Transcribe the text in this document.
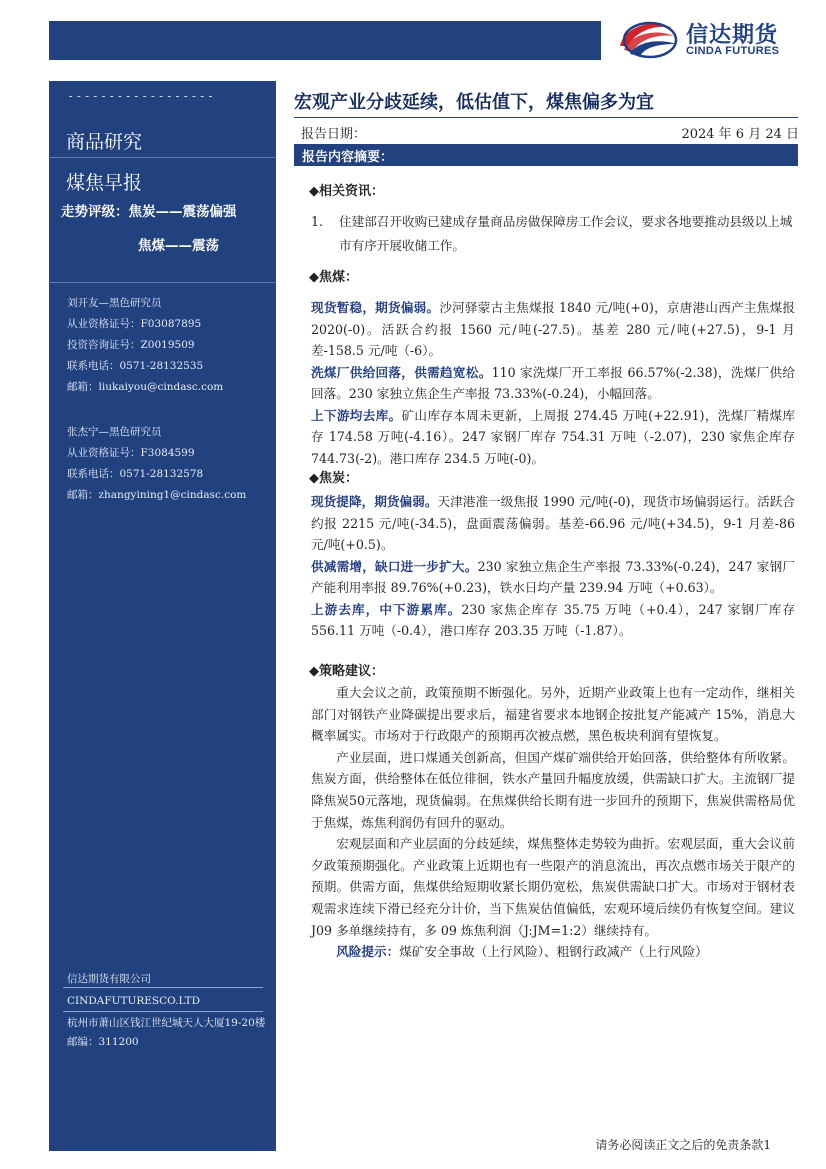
信达期货
CINDA FUTURES
------------------
商品研究
煤焦早报
走势评级：焦炭——震荡偏强
焦煤——震荡
刘开友—黑色研究员
从业资格证号：F03087895
投资咨询证号：Z0019509
联系电话：0571-28132535
邮箱：liukaiyou@cindasc.com
张杰宁—黑色研究员
从业资格证号：F3084599
联系电话：0571-28132578
邮箱：zhangyining1@cindasc.com
信达期货有限公司
CINDAFUTURESCO.LTD
杭州市萧山区钱江世纪城天人大厦19-20楼
邮编：311200
宏观产业分歧延续，低估值下，煤焦偏多为宜
报告日期：	2024 年 6 月 24 日
报告内容摘要：
◆相关资讯：
1. 住建部召开收购已建成存量商品房做保障房工作会议，要求各地要推动县级以上城市有序开展收储工作。
◆焦煤：
现货暂稳，期货偏弱。沙河驿蒙古主焦煤报 1840 元/吨(+0)，京唐港山西产主焦煤报 2020(-0)。活跃合约报 1560 元/吨(-27.5)。基差 280 元/吨(+27.5)，9-1 月差-158.5 元/吨（-6）。
洗煤厂供给回落，供需趋宽松。110 家洗煤厂开工率报 66.57%(-2.38)，洗煤厂供给回落。230 家独立焦企生产率报 73.33%(-0.24)，小幅回落。
上下游均去库。矿山库存本周未更新，上周报 274.45 万吨(+22.91)，洗煤厂精煤库存 174.58 万吨(-4.16）。247 家钢厂库存 754.31 万吨（-2.07)，230 家焦企库存 744.73(-2)。港口库存 234.5 万吨(-0)。
◆焦炭：
现货提降，期货偏弱。天津港准一级焦报 1990 元/吨(-0)，现货市场偏弱运行。活跃合约报 2215 元/吨(-34.5)，盘面震荡偏弱。基差-66.96 元/吨(+34.5)，9-1 月差-86 元/吨(+0.5)。
供减需增，缺口进一步扩大。230 家独立焦企生产率报 73.33%(-0.24)，247 家钢厂产能利用率报 89.76%(+0.23)，铁水日均产量 239.94 万吨（+0.63）。
上游去库，中下游累库。230 家焦企库存 35.75 万吨（+0.4），247 家钢厂库存 556.11 万吨（-0.4），港口库存 203.35 万吨（-1.87）。
◆策略建议：
重大会议之前，政策预期不断强化。另外，近期产业政策上也有一定动作，继相关部门对钢铁产业降碳提出要求后，福建省要求本地钢企按批复产能减产 15%，消息大概率属实。市场对于行政限产的预期再次被点燃，黑色板块利润有望恢复。
产业层面，进口煤通关创新高，但国产煤矿端供给开始回落，供给整体有所收紧。焦炭方面，供给整体在低位徘徊，铁水产量回升幅度放缓，供需缺口扩大。主流钢厂提降焦炭50元落地，现货偏弱。在焦煤供给长期有进一步回升的预期下，焦炭供需格局优于焦煤，炼焦利润仍有回升的驱动。
宏观层面和产业层面的分歧延续，煤焦整体走势较为曲折。宏观层面，重大会议前夕政策预期强化。产业政策上近期也有一些限产的消息流出，再次点燃市场关于限产的预期。供需方面，焦煤供给短期收紧长期仍宽松，焦炭供需缺口扩大。市场对于钢材表观需求连续下滑已经充分计价，当下焦炭估值偏低，宏观环境后续仍有恢复空间。建议 J09 多单继续持有，多 09 炼焦利润（J:JM=1:2）继续持有。
风险提示：煤矿安全事故（上行风险）、粗钢行政减产（上行风险）
请务必阅读正文之后的免责条款1
